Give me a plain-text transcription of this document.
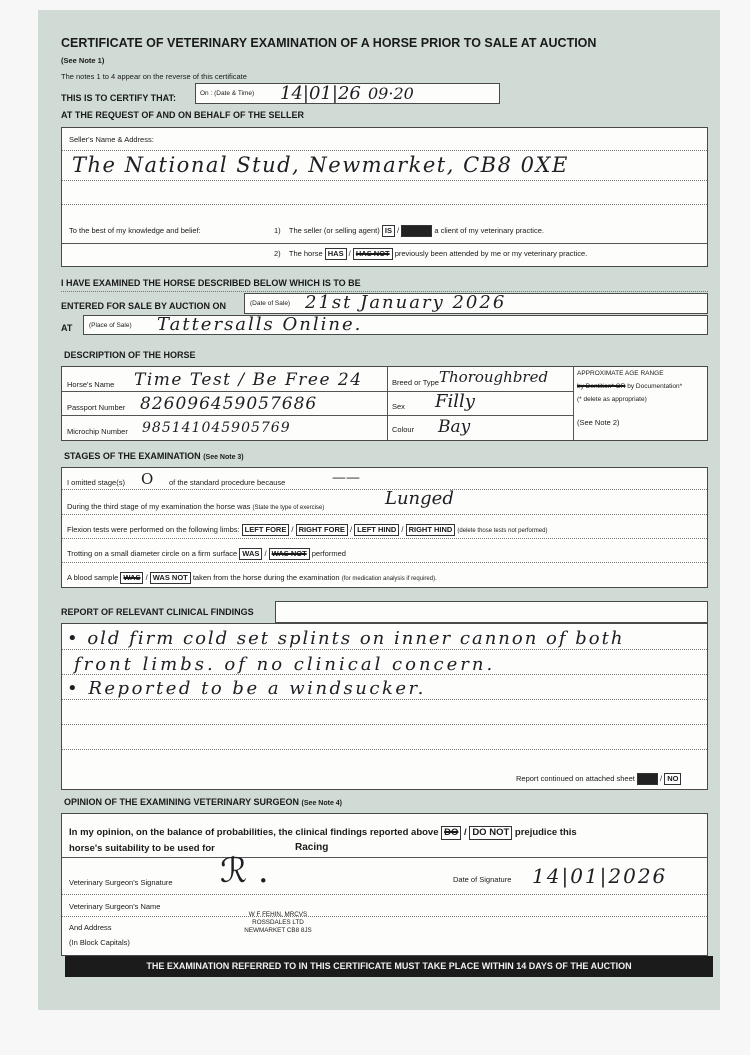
CERTIFICATE OF VETERINARY EXAMINATION OF A HORSE PRIOR TO SALE AT AUCTION
(See Note 1)
The notes 1 to 4 appear on the reverse of this certificate
THIS IS TO CERTIFY THAT:	On : (Date & Time) 14|01|26 09·20
AT THE REQUEST OF AND ON BEHALF OF THE SELLER
Seller's Name & Address:
The National Stud, Newmarket, CB8 0XE
To the best of my knowledge and belief:	1) The seller (or selling agent) IS / IS NOT a client of my veterinary practice.
2) The horse HAS / HAS NOT previously been attended by me or my veterinary practice.
I HAVE EXAMINED THE HORSE DESCRIBED BELOW WHICH IS TO BE
ENTERED FOR SALE BY AUCTION ON	(Date of Sale) 21st January 2026
AT	(Place of Sale) Tattersalls Online.
DESCRIPTION OF THE HORSE
Horse's Name Time Test / Be Free 24
Passport Number 826096459057686
Microchip Number 985141045905769
Breed or Type Thoroughbred
Sex Filly
Colour Bay
APPROXIMATE AGE RANGE
by Dentition* OR by Documentation*
(* delete as appropriate)
(See Note 2)
STAGES OF THE EXAMINATION (See Note 3)
I omitted stage(s) O of the standard procedure because	——
During the third stage of my examination the horse was (State the type of exercise)	Lunged
Flexion tests were performed on the following limbs: LEFT FORE / RIGHT FORE / LEFT HIND / RIGHT HIND (delete those tests not performed)
Trotting on a small diameter circle on a firm surface WAS / WAS NOT performed
A blood sample WAS / WAS NOT taken from the horse during the examination (for medication analysis if required).
REPORT OF RELEVANT CLINICAL FINDINGS
• old firm cold set splints on inner cannon of both
front limbs. of no clinical concern.
• Reported to be a windsucker.
Report continued on attached sheet YES / NO
OPINION OF THE EXAMINING VETERINARY SURGEON (See Note 4)
In my opinion, on the balance of probabilities, the clinical findings reported above DO / DO NOT prejudice this
horse's suitability to be used for	Racing
Veterinary Surgeon's Signature ℛ .	Date of Signature 14|01|2026
Veterinary Surgeon's Name
And Address
(In Block Capitals)
W F FEHIN, MRCVS
ROSSDALES LTD
NEWMARKET CB8 8JS
THE EXAMINATION REFERRED TO IN THIS CERTIFICATE MUST TAKE PLACE WITHIN 14 DAYS OF THE AUCTION
